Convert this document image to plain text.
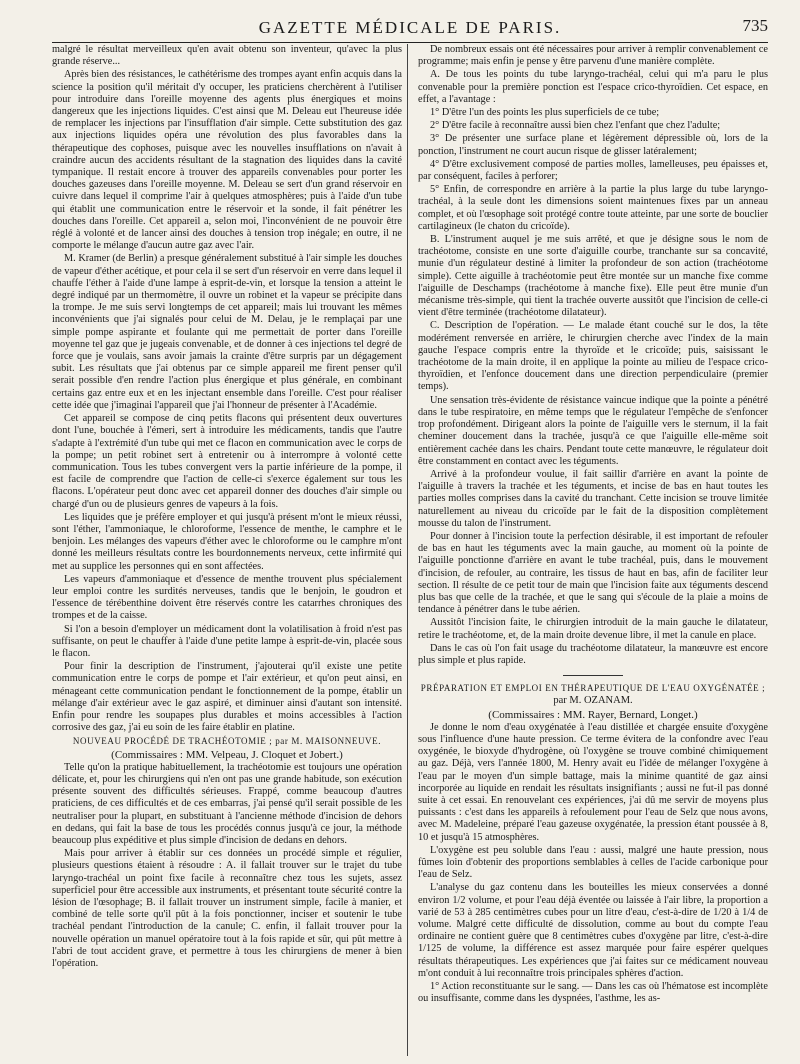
GAZETTE MÉDICALE DE PARIS.	735

malgré le résultat merveilleux qu'en avait obtenu son inventeur, qu'avec la plus grande réserve...

Après bien des résistances, le cathétérisme des trompes ayant enfin acquis dans la science la position qu'il méritait d'y occuper, les praticiens cherchèrent à l'utiliser pour introduire dans l'oreille moyenne des agents plus énergiques et moins dangereux que les injections liquides. C'est ainsi que M. Deleau eut l'heureuse idée de remplacer les injections par l'insufflation d'air simple. Cette substitution des gaz aux injections liquides opéra une révolution des plus favorables dans la thérapeutique des cophoses, puisque avec les nouvelles insufflations on n'avait à craindre aucun des accidents résultant de la stagnation des liquides dans la cavité tympanique. Il restait encore à trouver des appareils convenables pour porter les douches gazeuses dans l'oreille moyenne. M. Deleau se sert d'un grand réservoir en cuivre dans lequel il comprime l'air à quelques atmosphères; puis à l'aide d'un tube qui établit une communication entre le réservoir et la sonde, il fait pénétrer les douches dans l'oreille. Cet appareil a, selon moi, l'inconvénient de ne pouvoir être réglé à volonté et de lancer ainsi des douches à tension trop inégale; en outre, il ne comporte le mélange d'aucun autre gaz avec l'air.

M. Kramer (de Berlin) a presque généralement substitué à l'air simple les douches de vapeur d'éther acétique, et pour cela il se sert d'un réservoir en verre dans lequel il chauffe l'éther à l'aide d'une lampe à esprit-de-vin, et lorsque la tension a atteint le degré indiqué par un thermomètre, il ouvre un robinet et la vapeur se précipite dans la trompe. Je me suis servi longtemps de cet appareil; mais lui trouvant les mêmes inconvénients que j'ai signalés pour celui de M. Delau, je le remplaçai par une simple pompe aspirante et foulante qui me permettait de porter dans l'oreille moyenne tel gaz que je jugeais convenable, et de donner à ces injections tel degré de force que je voulais, sans avoir jamais la crainte d'être surpris par un dégagement subit. Les résultats que j'ai obtenus par ce simple appareil me firent penser qu'il serait possible d'en rendre l'action plus énergique et plus générale, en combinant certains gaz entre eux et en les injectant ensemble dans l'oreille. C'est pour réaliser cette idée que j'imaginai l'appareil que j'ai l'honneur de présenter à l'Académie.

Cet appareil se compose de cinq petits flacons qui présentent deux ouvertures dont l'une, bouchée à l'émeri, sert à introduire les médicaments, tandis que l'autre s'adapte à l'extrémité d'un tube qui met ce flacon en communication avec le corps de la pompe; un petit robinet sert à entretenir ou à interrompre à volonté cette communication. Tous les tubes convergent vers la partie inférieure de la pompe, il est facile de comprendre que l'action de celle-ci s'exerce également sur tous les flacons. L'opérateur peut donc avec cet appareil donner des douches d'air simple ou chargé d'un ou de plusieurs genres de vapeurs à la fois.

Les liquides que je préfère employer et qui jusqu'à présent m'ont le mieux réussi, sont l'éther, l'ammoniaque, le chloroforme, l'essence de menthe, le camphre et le benjoin. Les mélanges des vapeurs d'éther avec le chloroforme ou le camphre m'ont donné les meilleurs résultats contre les bourdonnements nerveux, cette infirmité qui met au supplice les personnes qui en sont affectées.

Les vapeurs d'ammoniaque et d'essence de menthe trouvent plus spécialement leur emploi contre les surdités nerveuses, tandis que le benjoin, le goudron et l'essence de térébenthine doivent être réservés contre les catarrhes chroniques des trompes et de la caisse.

Si l'on a besoin d'employer un médicament dont la volatilisation à froid n'est pas suffisante, on peut le chauffer à l'aide d'une petite lampe à esprit-de-vin, placée sous le flacon.

Pour finir la description de l'instrument, j'ajouterai qu'il existe une petite communication entre le corps de pompe et l'air extérieur, et qu'on peut ainsi, en ménageant cette communication pendant le fonctionnement de la pompe, établir un mélange d'air extérieur avec le gaz aspiré, et diminuer ainsi d'autant son intensité. Enfin pour rendre les soupapes plus durables et moins accessibles à l'action corrosive des gaz, j'ai eu soin de les faire établir en platine.

NOUVEAU PROCÉDÉ DE TRACHÉOTOMIE ; par M. MAISONNEUVE.

(Commissaires : MM. Velpeau, J. Cloquet et Jobert.)

Telle qu'on la pratique habituellement, la trachéotomie est toujours une opération délicate, et, pour les chirurgiens qui n'en ont pas une grande habitude, son exécution présente souvent des difficultés sérieuses. Frappé, comme beaucoup d'autres praticiens, de ces difficultés et de ces embarras, j'ai pensé qu'il serait possible de les neutraliser pour la plupart, en substituant à l'ancienne méthode d'incision de dehors en dedans, qui fait la base de tous les procédés connus jusqu'à ce jour, la méthode beaucoup plus expéditive et plus simple d'incision de dedans en dehors.

Mais pour arriver à établir sur ces données un procédé simple et régulier, plusieurs questions étaient à résoudre : A. il fallait trouver sur le trajet du tube laryngo-trachéal un point fixe facile à reconnaître chez tous les sujets, assez superficiel pour être accessible aux instruments, et présentant toute sécurité contre la lésion de l'œsophage; B. il fallait trouver un instrument simple, facile à manier, et combiné de telle sorte qu'il pût à la fois ponctionner, inciser et soutenir le tube trachéal pendant l'introduction de la canule; C. enfin, il fallait trouver pour la nouvelle opération un manuel opératoire tout à la fois rapide et sûr, qui pût mettre à l'abri de tout accident grave, et permettre à tous les chirurgiens de mener à bien l'opération.

De nombreux essais ont été nécessaires pour arriver à remplir convenablement ce programme; mais enfin je pense y être parvenu d'une manière complète.

A. De tous les points du tube laryngo-trachéal, celui qui m'a paru le plus convenable pour la première ponction est l'espace crico-thyroïdien. Cet espace, en effet, a l'avantage :

1° D'être l'un des points les plus superficiels de ce tube;

2° D'être facile à reconnaître aussi bien chez l'enfant que chez l'adulte;

3° De présenter une surface plane et légèrement dépressible où, lors de la ponction, l'instrument ne court aucun risque de glisser latéralement;

4° D'être exclusivement composé de parties molles, lamelleuses, peu épaisses et, par conséquent, faciles à perforer;

5° Enfin, de correspondre en arrière à la partie la plus large du tube laryngo-trachéal, à la seule dont les dimensions soient maintenues fixes par un anneau complet, et où l'œsophage soit protégé contre toute atteinte, par une sorte de bouclier cartilagineux (le chaton du cricoïde).

B. L'instrument auquel je me suis arrêté, et que je désigne sous le nom de trachéotome, consiste en une sorte d'aiguille courbe, tranchante sur sa concavité, munie d'un régulateur destiné à limiter la profondeur de son action (trachéotome simple). Cette aiguille à trachéotomie peut être montée sur un manche fixe comme l'aiguille de Deschamps (trachéotome à manche fixe). Elle peut être munie d'un mécanisme très-simple, qui tient la trachée ouverte aussitôt que l'incision de celle-ci vient d'être terminée (trachéotome dilatateur).

C. Description de l'opération. — Le malade étant couché sur le dos, la tête modérément renversée en arrière, le chirurgien cherche avec l'index de la main gauche l'espace compris entre la thyroïde et le cricoïde; puis, saisissant le trachéotome de la main droite, il en applique la pointe au milieu de l'espace crico-thyroïdien, et l'enfonce doucement dans une direction perpendiculaire (premier temps).

Une sensation très-évidente de résistance vaincue indique que la pointe a pénétré dans le tube respiratoire, en même temps que le régulateur l'empêche de s'enfoncer trop profondément. Dirigeant alors la pointe de l'aiguille vers le sternum, il la fait cheminer doucement dans la trachée, jusqu'à ce que l'aiguille elle-même soit entièrement cachée dans les chairs. Pendant toute cette manœuvre, le régulateur doit être constamment en contact avec les téguments.

Arrivé à la profondeur voulue, il fait saillir d'arrière en avant la pointe de l'aiguille à travers la trachée et les téguments, et incise de bas en haut toutes les parties molles comprises dans la cavité du tranchant. Cette incision se trouve limitée naturellement au niveau du cricoïde par le fait de la disposition complètement mousse du talon de l'instrument.

Pour donner à l'incision toute la perfection désirable, il est important de refouler de bas en haut les téguments avec la main gauche, au moment où la pointe de l'aiguille ponctionne d'arrière en avant le tube trachéal, puis, dans le mouvement d'incision, de refouler, au contraire, les tissus de haut en bas, afin de faciliter leur section. Il résulte de ce petit tour de main que l'incision faite aux téguments descend plus bas que celle de la trachée, et que le sang qui s'écoule de la plaie a moins de tendance à pénétrer dans le tube aérien.

Aussitôt l'incision faite, le chirurgien introduit de la main gauche le dilatateur, retire le trachéotome, et, de la main droite devenue libre, il met la canule en place.

Dans le cas où l'on fait usage du trachéotome dilatateur, la manœuvre est encore plus simple et plus rapide.

PRÉPARATION ET EMPLOI EN THÉRAPEUTIQUE DE L'EAU OXYGÉNATÉE ;

par M. OZANAM.

(Commissaires : MM. Rayer, Bernard, Longet.)

Je donne le nom d'eau oxygénatée à l'eau distillée et chargée ensuite d'oxygène sous l'influence d'une haute pression. Ce terme évitera de la confondre avec l'eau oxygénée, le bioxyde d'hydrogène, où l'oxygène se trouve combiné chimiquement au gaz. Déjà, vers l'année 1800, M. Henry avait eu l'idée de mélanger l'oxygène à l'eau par le moyen d'un simple battage, mais la minime quantité de gaz ainsi incorporée au liquide en rendait les résultats insignifiants ; aussi ne fut-il pas donné suite à cet essai. En renouvelant ces expériences, j'ai dû me servir de moyens plus puissants : c'est dans les appareils à refoulement pour l'eau de Selz que nous avons, avec M. Madeleine, préparé l'eau gazeuse oxygénatée, la pression étant poussée à 8, 10 et jusqu'à 15 atmosphères.

L'oxygène est peu soluble dans l'eau : aussi, malgré une haute pression, nous fûmes loin d'obtenir des proportions semblables à celles de l'acide carbonique pour l'eau de Selz.

L'analyse du gaz contenu dans les bouteilles les mieux conservées a donné environ 1/2 volume, et pour l'eau déjà éventée ou laissée à l'air libre, la proportion a varié de 53 à 285 centimètres cubes pour un litre d'eau, c'est-à-dire de 1/20 à 1/4 de volume. Malgré cette difficulté de dissolution, comme au bout du compte l'eau ordinaire ne contient guère que 8 centimètres cubes d'oxygène par litre, c'est-à-dire 1/125 de volume, la différence est assez marquée pour faire espérer quelques résultats thérapeutiques. Les expériences que j'ai faites sur ce médicament nouveau m'ont conduit à lui reconnaître trois principales sphères d'action.

1° Action reconstituante sur le sang. — Dans les cas où l'hématose est incomplète ou insuffisante, comme dans les dyspnées, l'asthme, les as-
